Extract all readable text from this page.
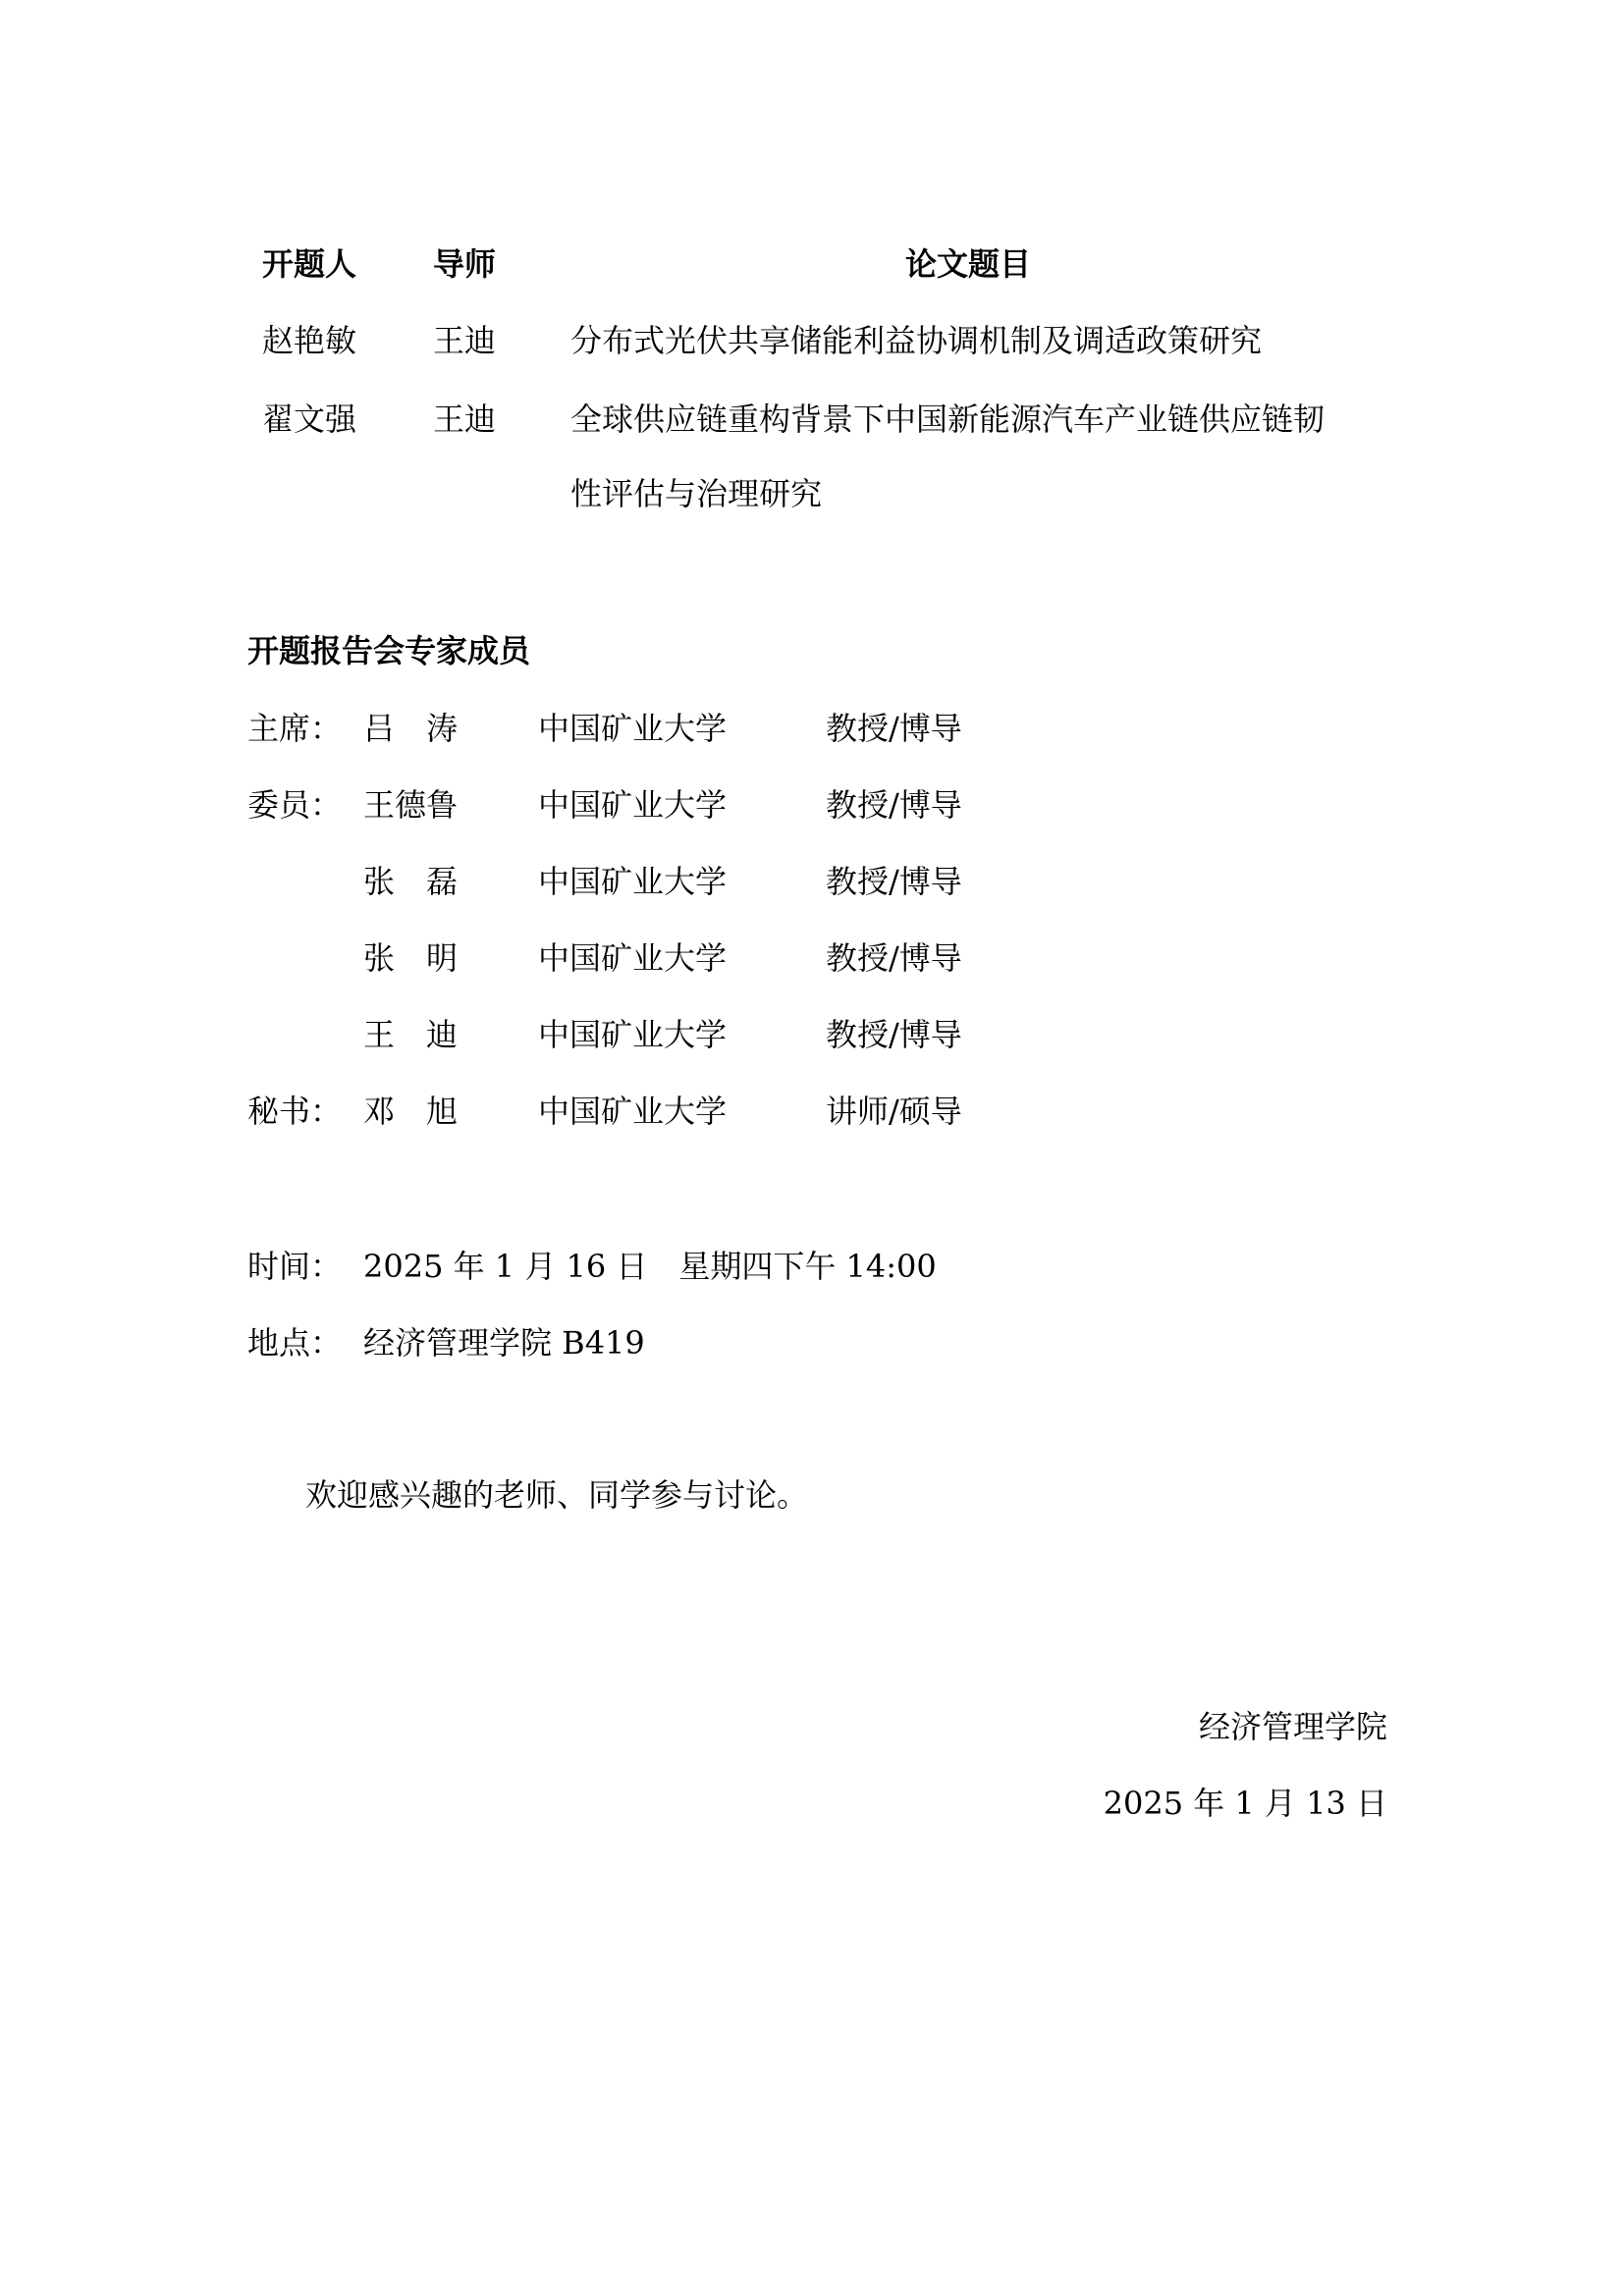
开题人 导师	论文题目
赵艳敏 王迪 分布式光伏共享储能利益协调机制及调适政策研究
翟文强 王迪 全球供应链重构背景下中国新能源汽车产业链供应链韧
性评估与治理研究
开题报告会专家成员
主席： 吕　涛	中国矿业大学	教授/博导
委员： 王德鲁	中国矿业大学	教授/博导
张　磊	中国矿业大学	教授/博导
张　明	中国矿业大学	教授/博导
王　迪	中国矿业大学	教授/博导
秘书： 邓　旭	中国矿业大学	讲师/硕导
时间： 2025 年 1 月 16 日　星期四下午 14:00
地点： 经济管理学院 B419
欢迎感兴趣的老师、同学参与讨论。
经济管理学院
2025 年 1 月 13 日
